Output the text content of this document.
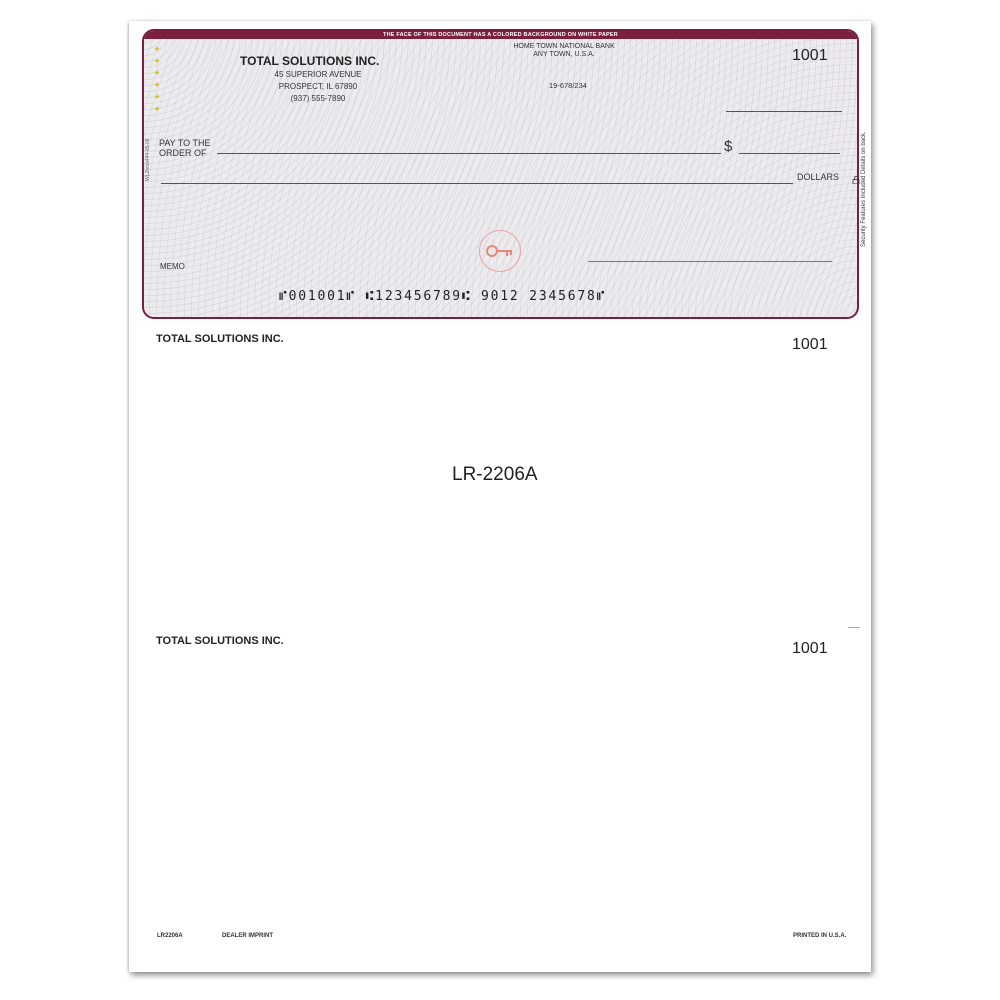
THE FACE OF THIS DOCUMENT HAS A COLORED BACKGROUND ON WHITE PAPER
✦
✦
✦
✦
✦
✦
TOTAL SOLUTIONS INC.
45 SUPERIOR AVENUE
PROSPECT, IL 67890
(937) 555-7890
HOME TOWN NATIONAL BANK
ANY TOWN, U.S.A.
19-678/234
1001
PAY TO THE
ORDER OF	$
DOLLARS
MEMO
⑈001001⑈ ⑆123456789⑆ 9012 2345678⑈
WL2bms444-05-06	Security Features Included Details on back.
TOTAL SOLUTIONS INC.	1001
LR-2206A
TOTAL SOLUTIONS INC.	1001
LR2206A	DEALER IMPRINT	PRINTED IN U.S.A.
